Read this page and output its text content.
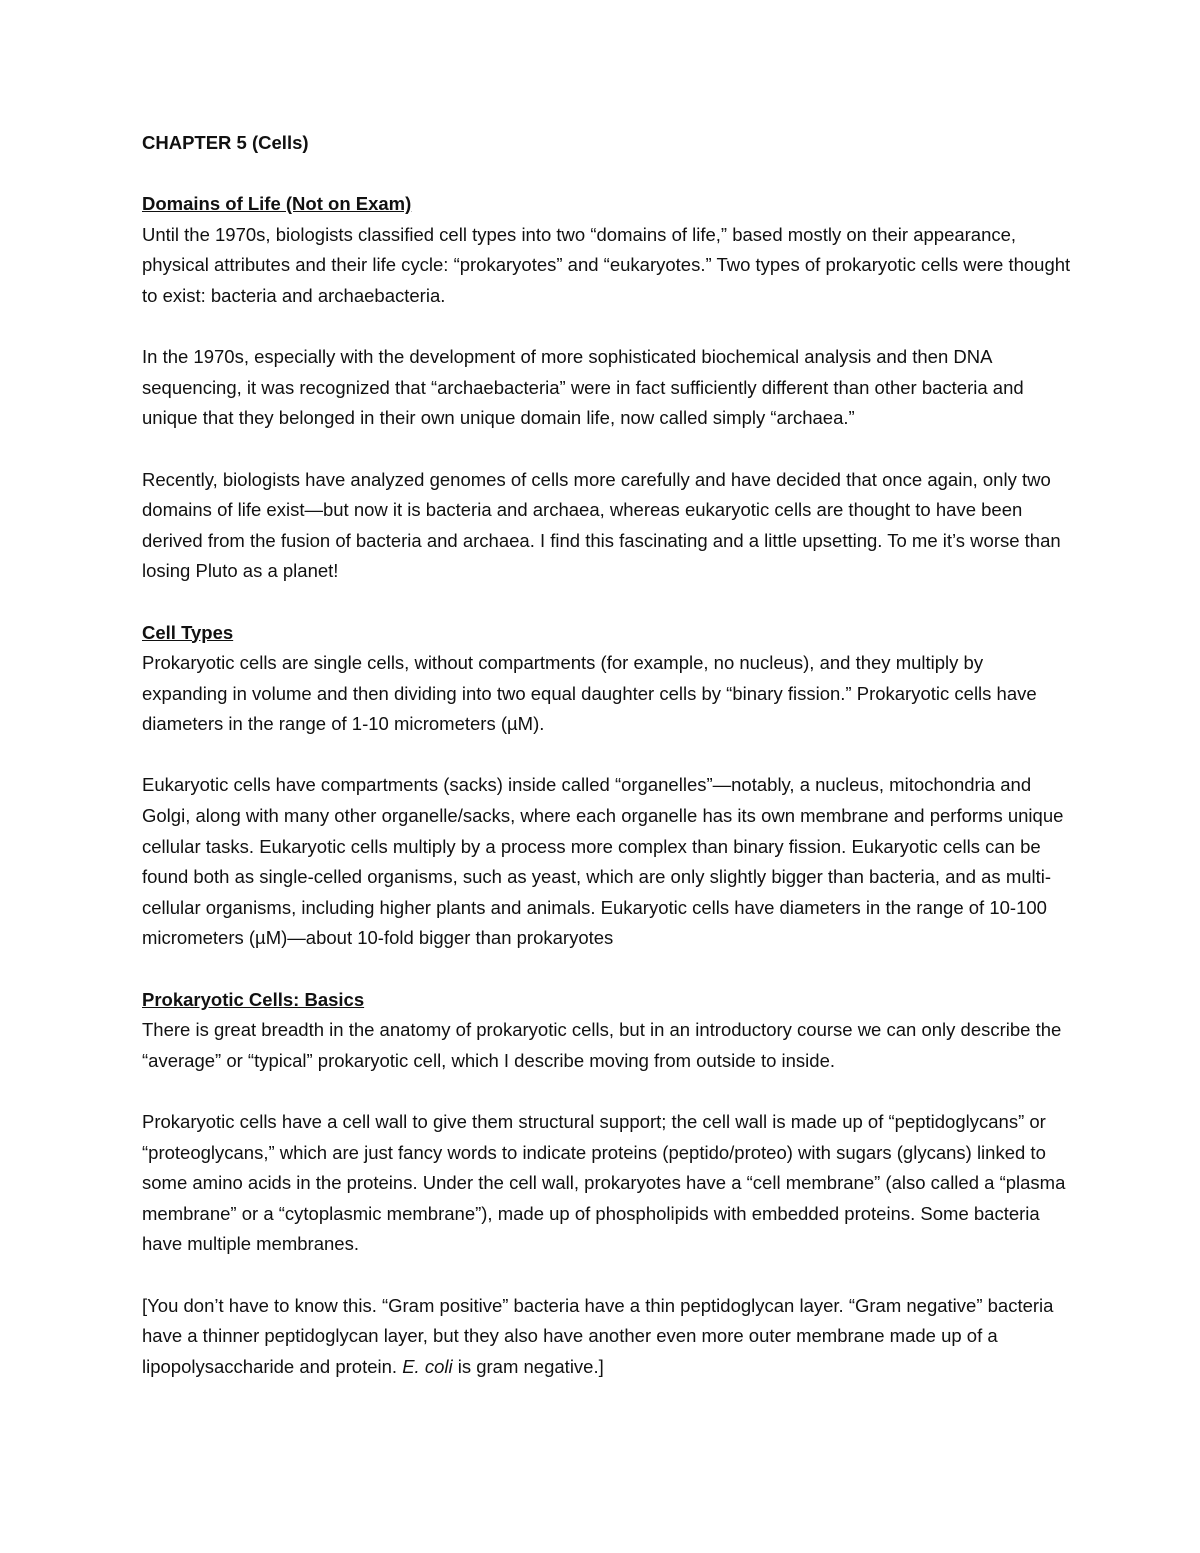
CHAPTER 5 (Cells)

Domains of Life (Not on Exam)

Until the 1970s, biologists classified cell types into two “domains of life,” based mostly on their appearance, physical attributes and their life cycle: “prokaryotes” and “eukaryotes.” Two types of prokaryotic cells were thought to exist: bacteria and archaebacteria.

In the 1970s, especially with the development of more sophisticated biochemical analysis and then DNA sequencing, it was recognized that “archaebacteria” were in fact sufficiently different than other bacteria and unique that they belonged in their own unique domain life, now called simply “archaea.”

Recently, biologists have analyzed genomes of cells more carefully and have decided that once again, only two domains of life exist—but now it is bacteria and archaea, whereas eukaryotic cells are thought to have been derived from the fusion of bacteria and archaea. I find this fascinating and a little upsetting. To me it’s worse than losing Pluto as a planet!

Cell Types

Prokaryotic cells are single cells, without compartments (for example, no nucleus), and they multiply by expanding in volume and then dividing into two equal daughter cells by “binary fission.” Prokaryotic cells have diameters in the range of 1-10 micrometers (µM).

Eukaryotic cells have compartments (sacks) inside called “organelles”—notably, a nucleus, mitochondria and Golgi, along with many other organelle/sacks, where each organelle has its own membrane and performs unique cellular tasks. Eukaryotic cells multiply by a process more complex than binary fission. Eukaryotic cells can be found both as single-celled organisms, such as yeast, which are only slightly bigger than bacteria, and as multi-cellular organisms, including higher plants and animals. Eukaryotic cells have diameters in the range of 10-100 micrometers (µM)—about 10-fold bigger than prokaryotes

Prokaryotic Cells: Basics

There is great breadth in the anatomy of prokaryotic cells, but in an introductory course we can only describe the “average” or “typical” prokaryotic cell, which I describe moving from outside to inside.

Prokaryotic cells have a cell wall to give them structural support; the cell wall is made up of “peptidoglycans” or “proteoglycans,” which are just fancy words to indicate proteins (peptido/proteo) with sugars (glycans) linked to some amino acids in the proteins. Under the cell wall, prokaryotes have a “cell membrane” (also called a “plasma membrane” or a “cytoplasmic membrane”), made up of phospholipids with embedded proteins. Some bacteria have multiple membranes.

[You don’t have to know this. “Gram positive” bacteria have a thin peptidoglycan layer. “Gram negative” bacteria have a thinner peptidoglycan layer, but they also have another even more outer membrane made up of a lipopolysaccharide and protein. E. coli is gram negative.]
